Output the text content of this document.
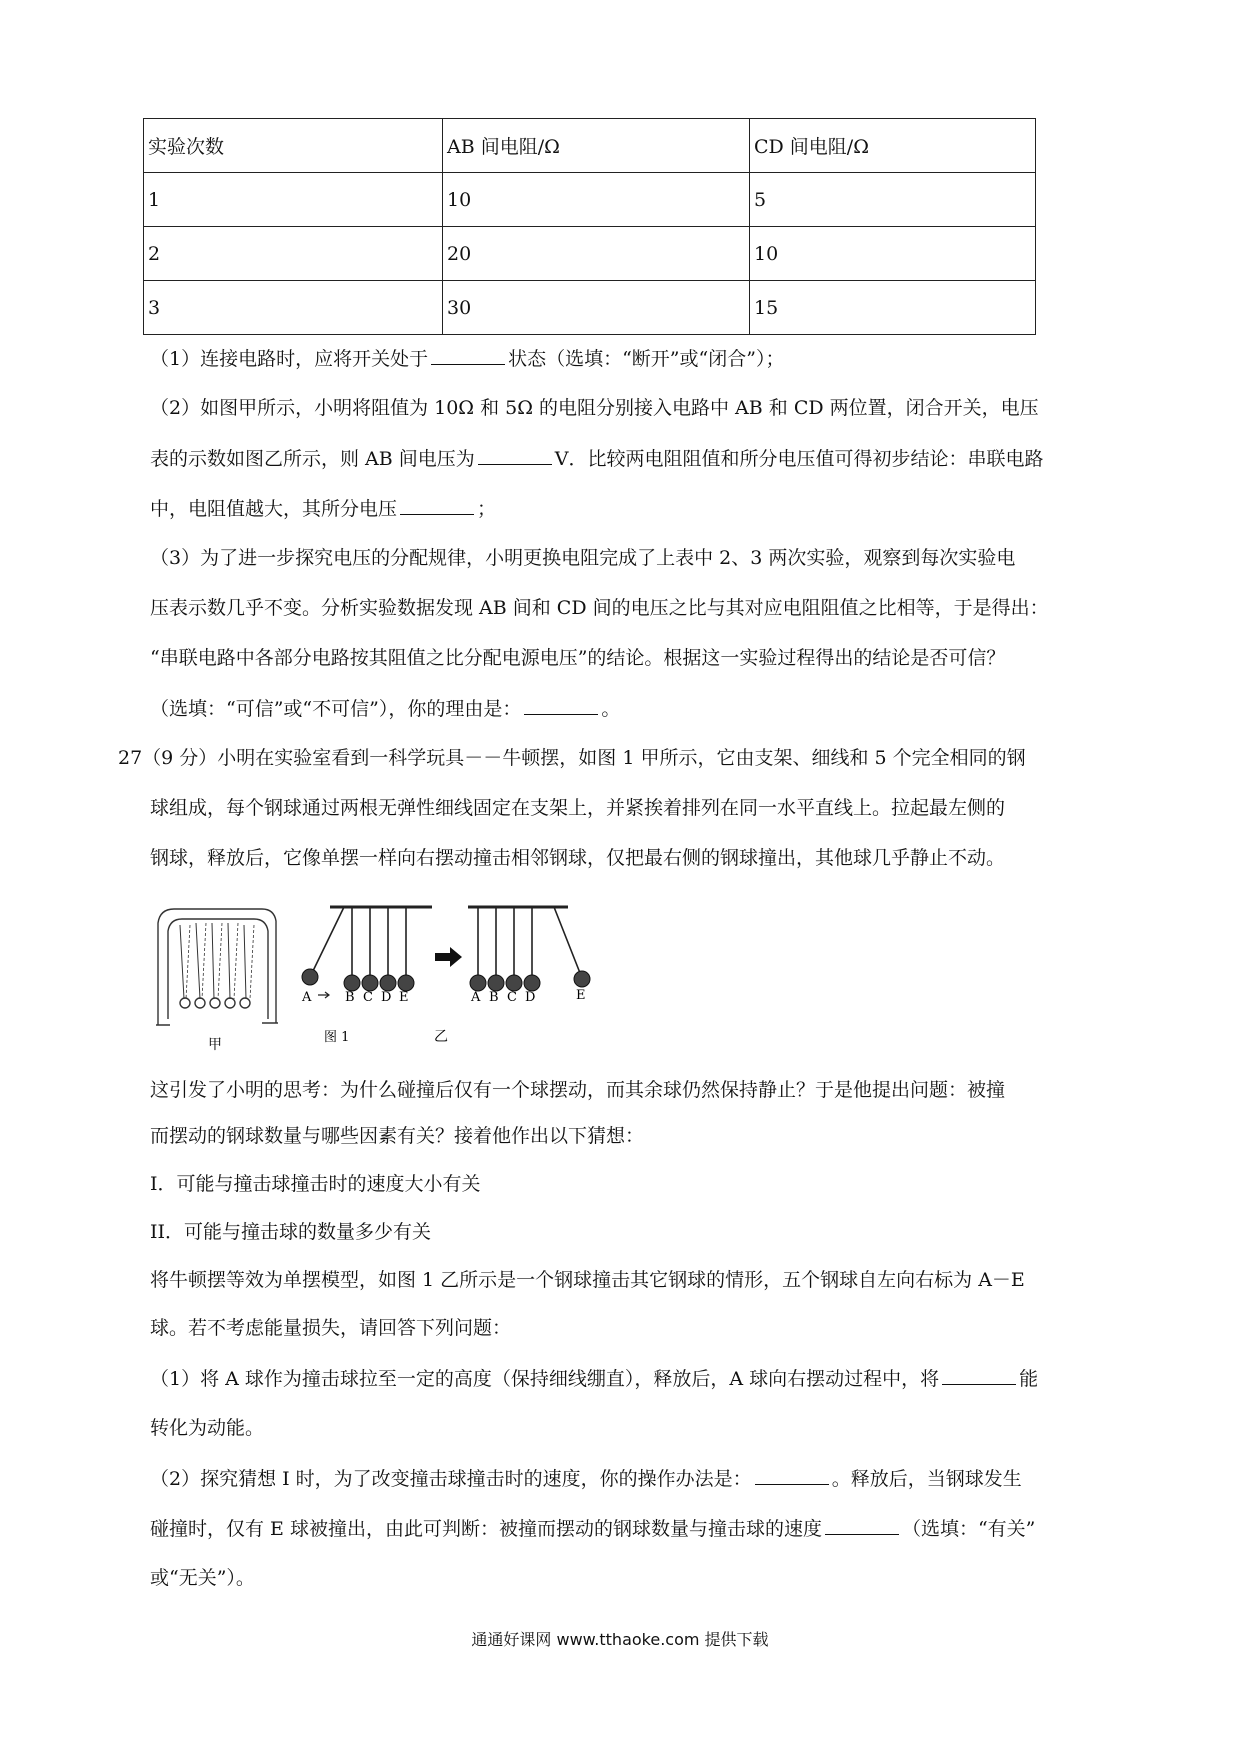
实验次数	AB 间电阻/Ω	CD 间电阻/Ω
1	10	5
2	20	10
3	30	15
（1）连接电路时，应将开关处于	状态（选填：“断开”或“闭合”）；
（2）如图甲所示，小明将阻值为 10Ω 和 5Ω 的电阻分别接入电路中 AB 和 CD 两位置，闭合开关，电压
表的示数如图乙所示，则 AB 间电压为	V．比较两电阻阻值和所分电压值可得初步结论：串联电路
中，电阻值越大，其所分电压	；
（3）为了进一步探究电压的分配规律，小明更换电阻完成了上表中 2、3 两次实验，观察到每次实验电
压表示数几乎不变。分析实验数据发现 AB 间和 CD 间的电压之比与其对应电阻阻值之比相等，于是得出：
“串联电路中各部分电路按其阻值之比分配电源电压”的结论。根据这一实验过程得出的结论是否可信？
（选填：“可信”或“不可信”），你的理由是：	。
27（9 分）小明在实验室看到一科学玩具－－牛顿摆，如图 1 甲所示，它由支架、细线和 5 个完全相同的钢
球组成，每个钢球通过两根无弹性细线固定在支架上，并紧挨着排列在同一水平直线上。拉起最左侧的
钢球，释放后，它像单摆一样向右摆动撞击相邻钢球，仅把最右侧的钢球撞出，其他球几乎静止不动。
甲
A	B C D E	A B C D	E
图 1	乙
这引发了小明的思考：为什么碰撞后仅有一个球摆动，而其余球仍然保持静止？于是他提出问题：被撞
而摆动的钢球数量与哪些因素有关？接着他作出以下猜想：
I．可能与撞击球撞击时的速度大小有关
II．可能与撞击球的数量多少有关
将牛顿摆等效为单摆模型，如图 1 乙所示是一个钢球撞击其它钢球的情形，五个钢球自左向右标为 A－E
球。若不考虑能量损失，请回答下列问题：
（1）将 A 球作为撞击球拉至一定的高度（保持细线绷直），释放后，A 球向右摆动过程中，将	能
转化为动能。
（2）探究猜想 I 时，为了改变撞击球撞击时的速度，你的操作办法是：	。释放后，当钢球发生
碰撞时，仅有 E 球被撞出，由此可判断：被撞而摆动的钢球数量与撞击球的速度	（选填：“有关”
或“无关”）。
通通好课网 www.tthaoke.com 提供下载
